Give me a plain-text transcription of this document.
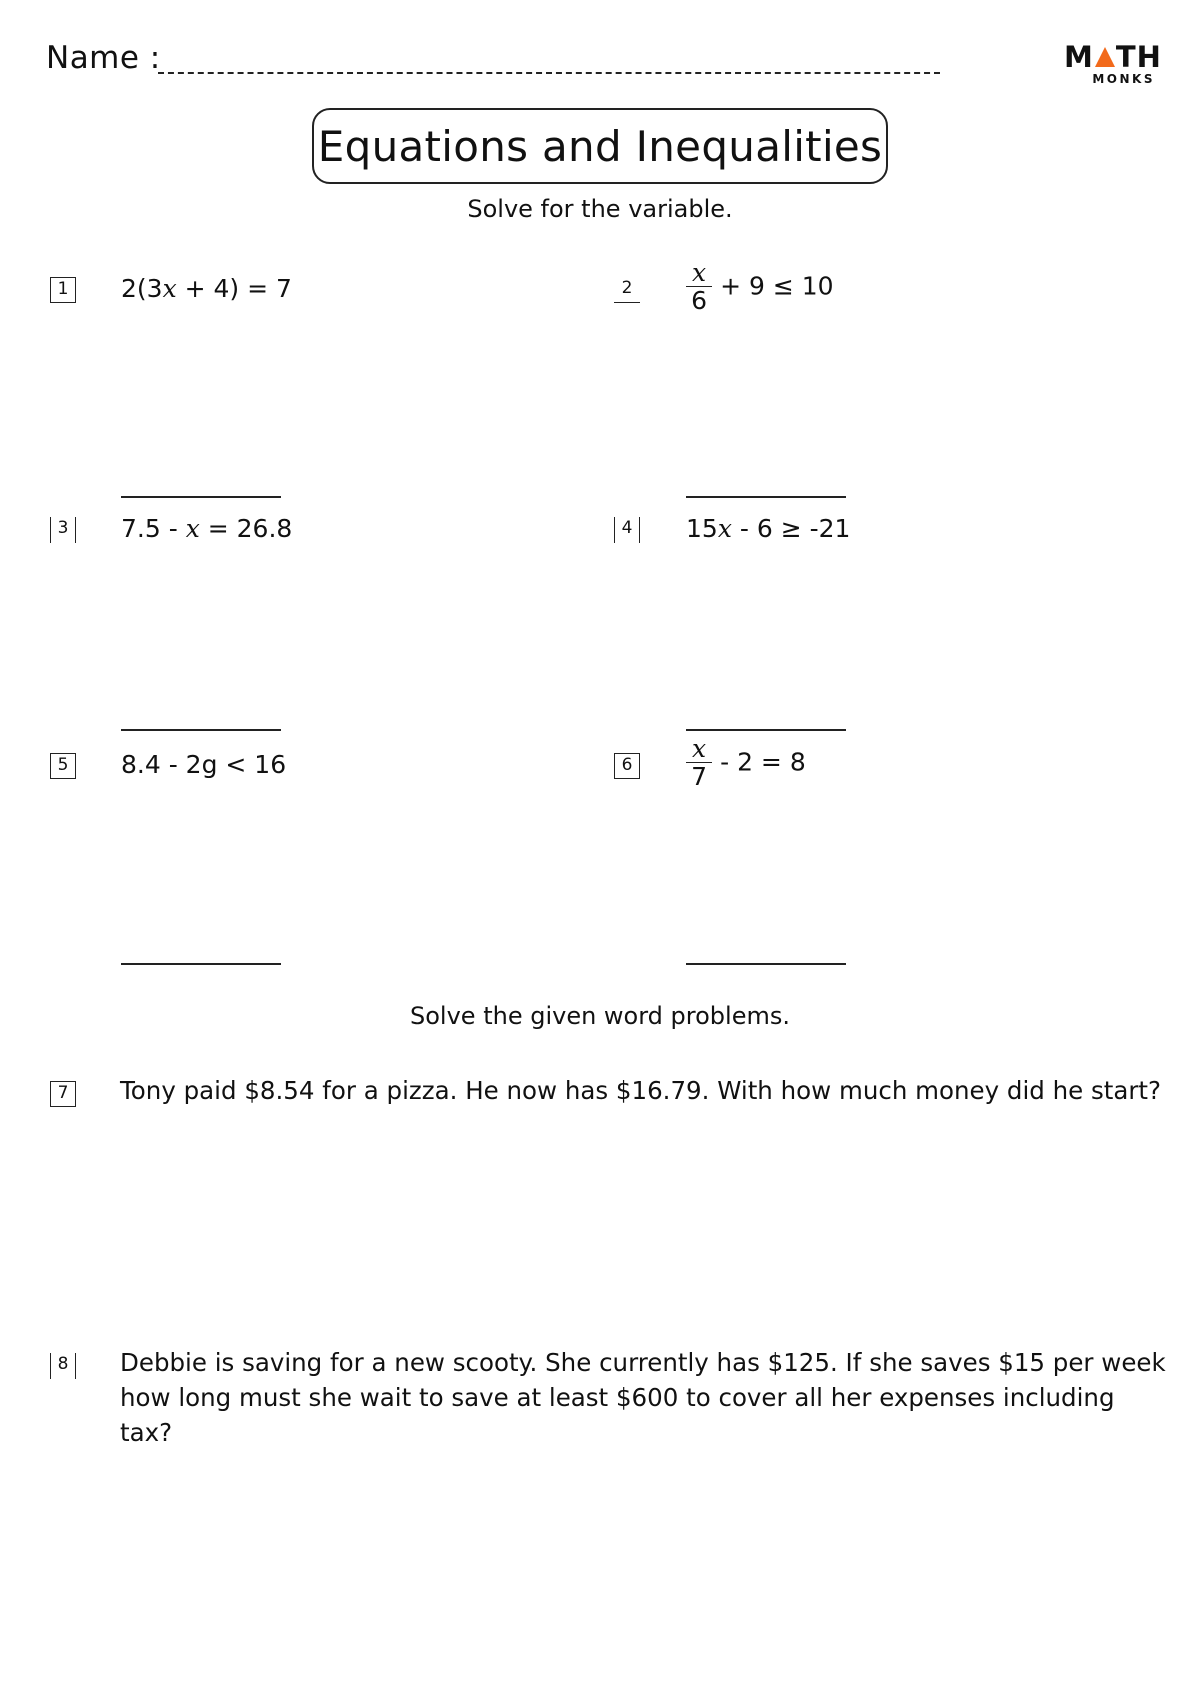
Name :	M TH
MONKS
Equations and Inequalities
Solve for the variable.
1	2(3x + 4) = 7	2	$\frac{x}{6} + 9 \le 10$
3	7.5 - x = 26.8	4	15x - 6 ≥ -21
5	8.4 - 2g < 16	6	$\frac{x}{7} - 2 = 8$
Solve the given word problems.
7	Tony paid $8.54 for a pizza. He now has $16.79. With how much money did he start?
8	Debbie is saving for a new scooty. She currently has $125. If she saves $15 per week
how long must she wait to save at least $600 to cover all her expenses including tax?
